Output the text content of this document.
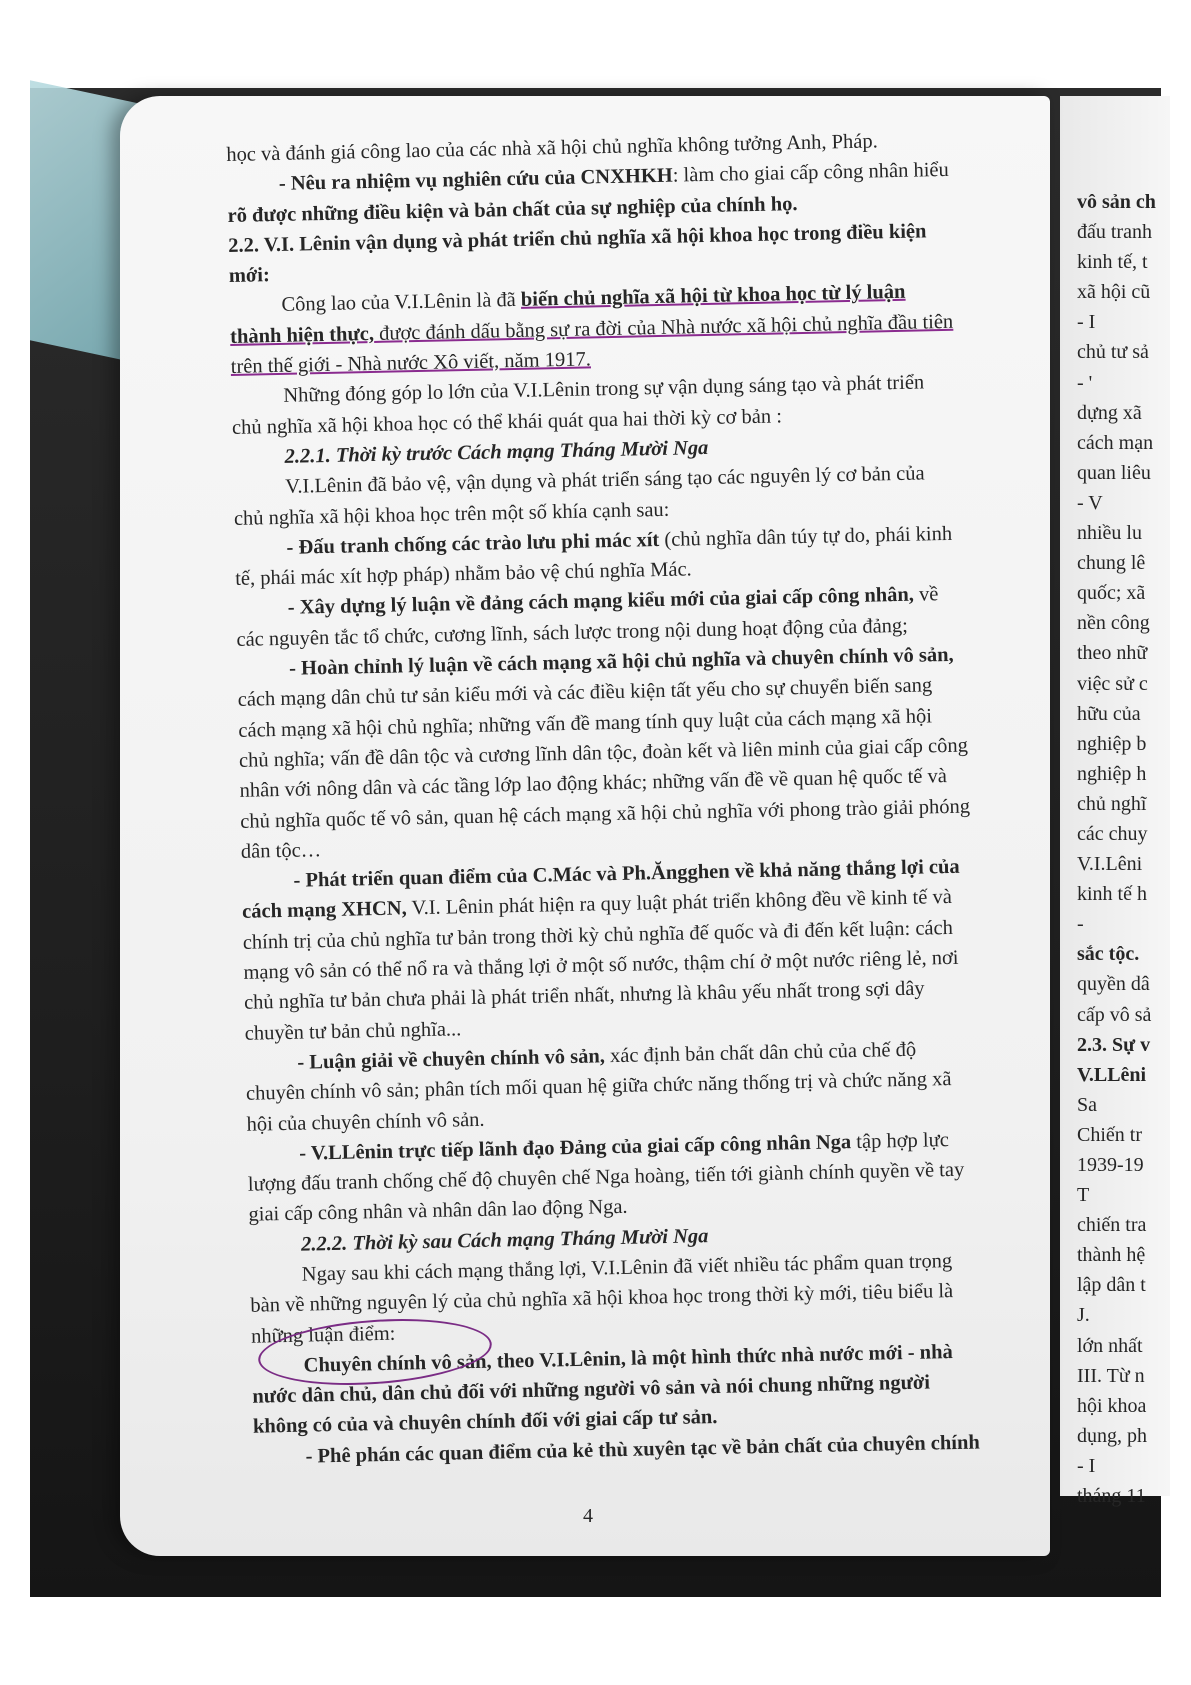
học và đánh giá công lao của các nhà xã hội chủ nghĩa không tưởng Anh, Pháp.

- Nêu ra nhiệm vụ nghiên cứu của CNXHKH: làm cho giai cấp công nhân hiểu

rõ được những điều kiện và bản chất của sự nghiệp của chính họ.

2.2. V.I. Lênin vận dụng và phát triển chủ nghĩa xã hội khoa học trong điều kiện

mới:

Công lao của V.I.Lênin là đã biến chủ nghĩa xã hội từ khoa học từ lý luận

thành hiện thực, được đánh dấu bằng sự ra đời của Nhà nước xã hội chủ nghĩa đầu tiên

trên thế giới - Nhà nước Xô viết, năm 1917.

Những đóng góp lo lớn của V.I.Lênin trong sự vận dụng sáng tạo và phát triển

chủ nghĩa xã hội khoa học có thể khái quát qua hai thời kỳ cơ bản :

2.2.1. Thời kỳ trước Cách mạng Tháng Mười Nga

V.I.Lênin đã bảo vệ, vận dụng và phát triển sáng tạo các nguyên lý cơ bản của

chủ nghĩa xã hội khoa học trên một số khía cạnh sau:

- Đấu tranh chống các trào lưu phi mác xít (chủ nghĩa dân túy tự do, phái kinh

tế, phái mác xít hợp pháp) nhằm bảo vệ chú nghĩa Mác.

- Xây dựng lý luận về đảng cách mạng kiểu mới của giai cấp công nhân, về

các nguyên tắc tổ chức, cương lĩnh, sách lược trong nội dung hoạt động của đảng;

- Hoàn chỉnh lý luận về cách mạng xã hội chủ nghĩa và chuyên chính vô sản,

cách mạng dân chủ tư sản kiểu mới và các điều kiện tất yếu cho sự chuyển biến sang

cách mạng xã hội chủ nghĩa; những vấn đề mang tính quy luật của cách mạng xã hội

chủ nghĩa; vấn đề dân tộc và cương lĩnh dân tộc, đoàn kết và liên minh của giai cấp công

nhân với nông dân và các tầng lớp lao động khác; những vấn đề về quan hệ quốc tế và

chủ nghĩa quốc tế vô sản, quan hệ cách mạng xã hội chủ nghĩa với phong trào giải phóng

dân tộc…

- Phát triển quan điểm của C.Mác và Ph.Ăngghen về khả năng thắng lợi của

cách mạng XHCN, V.I. Lênin phát hiện ra quy luật phát triển không đều về kinh tế và

chính trị của chủ nghĩa tư bản trong thời kỳ chủ nghĩa đế quốc và đi đến kết luận: cách

mạng vô sản có thể nổ ra và thắng lợi ở một số nước, thậm chí ở một nước riêng lẻ, nơi

chủ nghĩa tư bản chưa phải là phát triển nhất, nhưng là khâu yếu nhất trong sợi dây

chuyền tư bản chủ nghĩa...

- Luận giải về chuyên chính vô sản, xác định bản chất dân chủ của chế độ

chuyên chính vô sản; phân tích mối quan hệ giữa chức năng thống trị và chức năng xã

hội của chuyên chính vô sản.

- V.LLênin trực tiếp lãnh đạo Đảng của giai cấp công nhân Nga tập hợp lực

lượng đấu tranh chống chế độ chuyên chế Nga hoàng, tiến tới giành chính quyền về tay

giai cấp công nhân và nhân dân lao động Nga.

2.2.2. Thời kỳ sau Cách mạng Tháng Mười Nga

Ngay sau khi cách mạng thắng lợi, V.I.Lênin đã viết nhiều tác phẩm quan trọng

bàn về những nguyên lý của chủ nghĩa xã hội khoa học trong thời kỳ mới, tiêu biểu là

những luận điểm:

Chuyên chính vô sản, theo V.I.Lênin, là một hình thức nhà nước mới - nhà

nước dân chủ, dân chủ đối với những người vô sản và nói chung những người

không có của và chuyên chính đối với giai cấp tư sản.

- Phê phán các quan điểm của kẻ thù xuyên tạc về bản chất của chuyên chính

4

vô sản ch

đấu tranh

kinh tế, t

xã hội cũ

- I

chủ tư sả

- '

dựng xã

cách mạn

quan liêu

- V

nhiều lu

chung lê

quốc; xã

nền công

theo nhữ

việc sử c

hữu của

nghiệp b

nghiệp h

chủ nghĩ

các chuy

V.I.Lêni

kinh tế h

-

sắc tộc.

quyền dâ

cấp vô sả

2.3. Sự v

V.LLêni

Sa

Chiến tr

1939-19

T

chiến tra

thành hệ

lập dân t

J.

lớn nhất

III. Từ n

hội khoa

dụng, ph

- I

tháng 11
